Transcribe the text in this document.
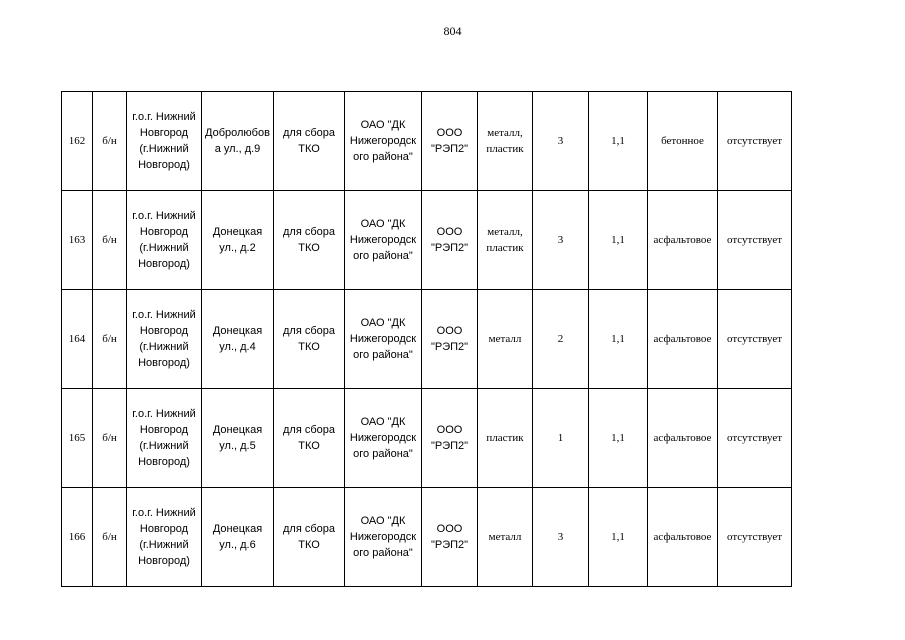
804
162	б/н	г.о.г. Нижний
Новгород
(г.Нижний
Новгород)	Добролюбов
а ул., д.9	для сбора
ТКО	ОАО "ДК
Нижегородск
ого района"	ООО
"РЭП2"	металл,
пластик	3	1,1	бетонное	отсутствует
163	б/н	г.о.г. Нижний
Новгород
(г.Нижний
Новгород)	Донецкая
ул., д.2	для сбора
ТКО	ОАО "ДК
Нижегородск
ого района"	ООО
"РЭП2"	металл,
пластик	3	1,1	асфальтовое	отсутствует
164	б/н	г.о.г. Нижний
Новгород
(г.Нижний
Новгород)	Донецкая
ул., д.4	для сбора
ТКО	ОАО "ДК
Нижегородск
ого района"	ООО
"РЭП2"	металл	2	1,1	асфальтовое	отсутствует
165	б/н	г.о.г. Нижний
Новгород
(г.Нижний
Новгород)	Донецкая
ул., д.5	для сбора
ТКО	ОАО "ДК
Нижегородск
ого района"	ООО
"РЭП2"	пластик	1	1,1	асфальтовое	отсутствует
166	б/н	г.о.г. Нижний
Новгород
(г.Нижний
Новгород)	Донецкая
ул., д.6	для сбора
ТКО	ОАО "ДК
Нижегородск
ого района"	ООО
"РЭП2"	металл	3	1,1	асфальтовое	отсутствует
